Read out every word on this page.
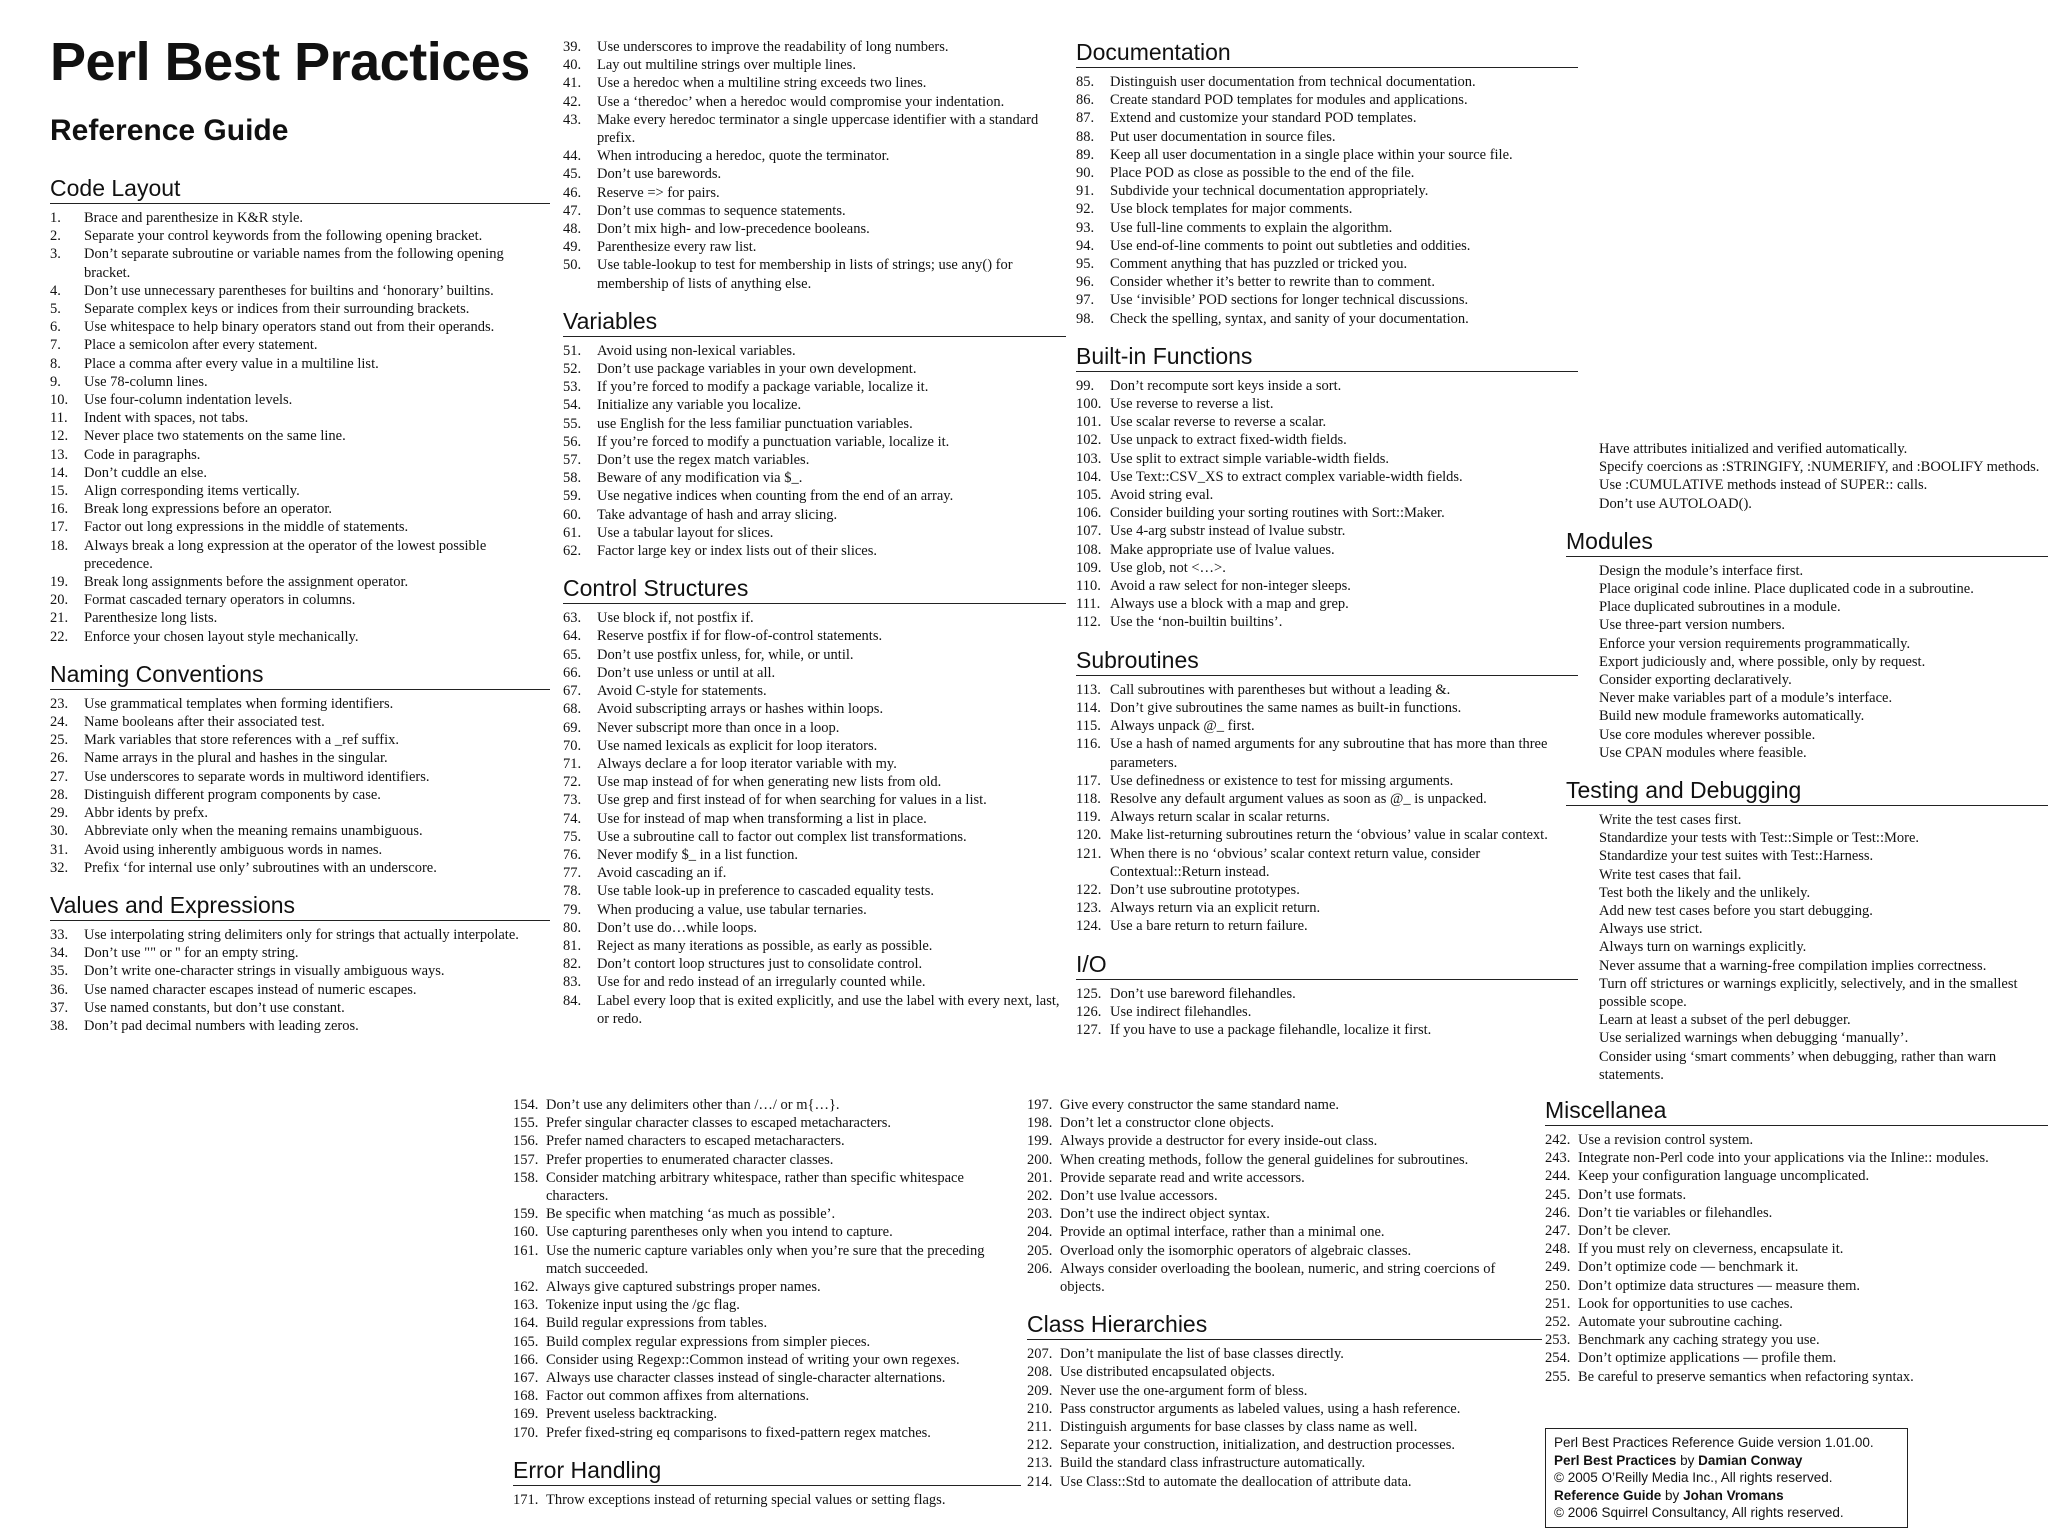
Perl Best Practices
Reference Guide
Code Layout
1. Brace and parenthesize in K&R style.
2. Separate your control keywords from the following opening bracket.
3. Don’t separate subroutine or variable names from the following opening bracket.
4. Don’t use unnecessary parentheses for builtins and ‘honorary’ builtins.
5. Separate complex keys or indices from their surrounding brackets.
6. Use whitespace to help binary operators stand out from their operands.
7. Place a semicolon after every statement.
8. Place a comma after every value in a multiline list.
9. Use 78-column lines.
10. Use four-column indentation levels.
11. Indent with spaces, not tabs.
12. Never place two statements on the same line.
13. Code in paragraphs.
14. Don’t cuddle an else.
15. Align corresponding items vertically.
16. Break long expressions before an operator.
17. Factor out long expressions in the middle of statements.
18. Always break a long expression at the operator of the lowest possible precedence.
19. Break long assignments before the assignment operator.
20. Format cascaded ternary operators in columns.
21. Parenthesize long lists.
22. Enforce your chosen layout style mechanically.
Naming Conventions
23. Use grammatical templates when forming identifiers.
24. Name booleans after their associated test.
25. Mark variables that store references with a _ref suffix.
26. Name arrays in the plural and hashes in the singular.
27. Use underscores to separate words in multiword identifiers.
28. Distinguish different program components by case.
29. Abbr idents by prefx.
30. Abbreviate only when the meaning remains unambiguous.
31. Avoid using inherently ambiguous words in names.
32. Prefix ‘for internal use only’ subroutines with an underscore.
Values and Expressions
33. Use interpolating string delimiters only for strings that actually interpolate.
34. Don’t use "" or '' for an empty string.
35. Don’t write one-character strings in visually ambiguous ways.
36. Use named character escapes instead of numeric escapes.
37. Use named constants, but don’t use constant.
38. Don’t pad decimal numbers with leading zeros.
39. Use underscores to improve the readability of long numbers.
40. Lay out multiline strings over multiple lines.
41. Use a heredoc when a multiline string exceeds two lines.
42. Use a ‘theredoc’ when a heredoc would compromise your indentation.
43. Make every heredoc terminator a single uppercase identifier with a standard prefix.
44. When introducing a heredoc, quote the terminator.
45. Don’t use barewords.
46. Reserve => for pairs.
47. Don’t use commas to sequence statements.
48. Don’t mix high- and low-precedence booleans.
49. Parenthesize every raw list.
50. Use table-lookup to test for membership in lists of strings; use any() for membership of lists of anything else.
Variables
51. Avoid using non-lexical variables.
52. Don’t use package variables in your own development.
53. If you’re forced to modify a package variable, localize it.
54. Initialize any variable you localize.
55. use English for the less familiar punctuation variables.
56. If you’re forced to modify a punctuation variable, localize it.
57. Don’t use the regex match variables.
58. Beware of any modification via $_.
59. Use negative indices when counting from the end of an array.
60. Take advantage of hash and array slicing.
61. Use a tabular layout for slices.
62. Factor large key or index lists out of their slices.
Control Structures
63. Use block if, not postfix if.
64. Reserve postfix if for flow-of-control statements.
65. Don’t use postfix unless, for, while, or until.
66. Don’t use unless or until at all.
67. Avoid C-style for statements.
68. Avoid subscripting arrays or hashes within loops.
69. Never subscript more than once in a loop.
70. Use named lexicals as explicit for loop iterators.
71. Always declare a for loop iterator variable with my.
72. Use map instead of for when generating new lists from old.
73. Use grep and first instead of for when searching for values in a list.
74. Use for instead of map when transforming a list in place.
75. Use a subroutine call to factor out complex list transformations.
76. Never modify $_ in a list function.
77. Avoid cascading an if.
78. Use table look-up in preference to cascaded equality tests.
79. When producing a value, use tabular ternaries.
80. Don’t use do…while loops.
81. Reject as many iterations as possible, as early as possible.
82. Don’t contort loop structures just to consolidate control.
83. Use for and redo instead of an irregularly counted while.
84. Label every loop that is exited explicitly, and use the label with every next, last, or redo.
Documentation
85. Distinguish user documentation from technical documentation.
86. Create standard POD templates for modules and applications.
87. Extend and customize your standard POD templates.
88. Put user documentation in source files.
89. Keep all user documentation in a single place within your source file.
90. Place POD as close as possible to the end of the file.
91. Subdivide your technical documentation appropriately.
92. Use block templates for major comments.
93. Use full-line comments to explain the algorithm.
94. Use end-of-line comments to point out subtleties and oddities.
95. Comment anything that has puzzled or tricked you.
96. Consider whether it’s better to rewrite than to comment.
97. Use ‘invisible’ POD sections for longer technical discussions.
98. Check the spelling, syntax, and sanity of your documentation.
Built-in Functions
99. Don’t recompute sort keys inside a sort.
100. Use reverse to reverse a list.
101. Use scalar reverse to reverse a scalar.
102. Use unpack to extract fixed-width fields.
103. Use split to extract simple variable-width fields.
104. Use Text::CSV_XS to extract complex variable-width fields.
105. Avoid string eval.
106. Consider building your sorting routines with Sort::Maker.
107. Use 4-arg substr instead of lvalue substr.
108. Make appropriate use of lvalue values.
109. Use glob, not <…>.
110. Avoid a raw select for non-integer sleeps.
111. Always use a block with a map and grep.
112. Use the ‘non-builtin builtins’.
Subroutines
113. Call subroutines with parentheses but without a leading &.
114. Don’t give subroutines the same names as built-in functions.
115. Always unpack @_ first.
116. Use a hash of named arguments for any subroutine that has more than three parameters.
117. Use definedness or existence to test for missing arguments.
118. Resolve any default argument values as soon as @_ is unpacked.
119. Always return scalar in scalar returns.
120. Make list-returning subroutines return the ‘obvious’ value in scalar context.
121. When there is no ‘obvious’ scalar context return value, consider Contextual::Return instead.
122. Don’t use subroutine prototypes.
123. Always return via an explicit return.
124. Use a bare return to return failure.
I/O
125. Don’t use bareword filehandles.
126. Use indirect filehandles.
127. If you have to use a package filehandle, localize it first.
Have attributes initialized and verified automatically.
Specify coercions as :STRINGIFY, :NUMERIFY, and :BOOLIFY methods.
Use :CUMULATIVE methods instead of SUPER:: calls.
Don’t use AUTOLOAD().
Modules
Design the module’s interface first.
Place original code inline. Place duplicated code in a subroutine.
Place duplicated subroutines in a module.
Use three-part version numbers.
Enforce your version requirements programmatically.
Export judiciously and, where possible, only by request.
Consider exporting declaratively.
Never make variables part of a module’s interface.
Build new module frameworks automatically.
Use core modules wherever possible.
Use CPAN modules where feasible.
Testing and Debugging
Write the test cases first.
Standardize your tests with Test::Simple or Test::More.
Standardize your test suites with Test::Harness.
Write test cases that fail.
Test both the likely and the unlikely.
Add new test cases before you start debugging.
Always use strict.
Always turn on warnings explicitly.
Never assume that a warning-free compilation implies correctness.
Turn off strictures or warnings explicitly, selectively, and in the smallest possible scope.
Learn at least a subset of the perl debugger.
Use serialized warnings when debugging ‘manually’.
Consider using ‘smart comments’ when debugging, rather than warn statements.
154. Don’t use any delimiters other than /…/ or m{…}.
155. Prefer singular character classes to escaped metacharacters.
156. Prefer named characters to escaped metacharacters.
157. Prefer properties to enumerated character classes.
158. Consider matching arbitrary whitespace, rather than specific whitespace characters.
159. Be specific when matching ‘as much as possible’.
160. Use capturing parentheses only when you intend to capture.
161. Use the numeric capture variables only when you’re sure that the preceding match succeeded.
162. Always give captured substrings proper names.
163. Tokenize input using the /gc flag.
164. Build regular expressions from tables.
165. Build complex regular expressions from simpler pieces.
166. Consider using Regexp::Common instead of writing your own regexes.
167. Always use character classes instead of single-character alternations.
168. Factor out common affixes from alternations.
169. Prevent useless backtracking.
170. Prefer fixed-string eq comparisons to fixed-pattern regex matches.
Error Handling
171. Throw exceptions instead of returning special values or setting flags.
197. Give every constructor the same standard name.
198. Don’t let a constructor clone objects.
199. Always provide a destructor for every inside-out class.
200. When creating methods, follow the general guidelines for subroutines.
201. Provide separate read and write accessors.
202. Don’t use lvalue accessors.
203. Don’t use the indirect object syntax.
204. Provide an optimal interface, rather than a minimal one.
205. Overload only the isomorphic operators of algebraic classes.
206. Always consider overloading the boolean, numeric, and string coercions of objects.
Class Hierarchies
207. Don’t manipulate the list of base classes directly.
208. Use distributed encapsulated objects.
209. Never use the one-argument form of bless.
210. Pass constructor arguments as labeled values, using a hash reference.
211. Distinguish arguments for base classes by class name as well.
212. Separate your construction, initialization, and destruction processes.
213. Build the standard class infrastructure automatically.
214. Use Class::Std to automate the deallocation of attribute data.
Miscellanea
242. Use a revision control system.
243. Integrate non-Perl code into your applications via the Inline:: modules.
244. Keep your configuration language uncomplicated.
245. Don’t use formats.
246. Don’t tie variables or filehandles.
247. Don’t be clever.
248. If you must rely on cleverness, encapsulate it.
249. Don’t optimize code — benchmark it.
250. Don’t optimize data structures — measure them.
251. Look for opportunities to use caches.
252. Automate your subroutine caching.
253. Benchmark any caching strategy you use.
254. Don’t optimize applications — profile them.
255. Be careful to preserve semantics when refactoring syntax.
Perl Best Practices Reference Guide version 1.01.00.
Perl Best Practices by Damian Conway
© 2005 O’Reilly Media Inc., All rights reserved.
Reference Guide by Johan Vromans
© 2006 Squirrel Consultancy, All rights reserved.
